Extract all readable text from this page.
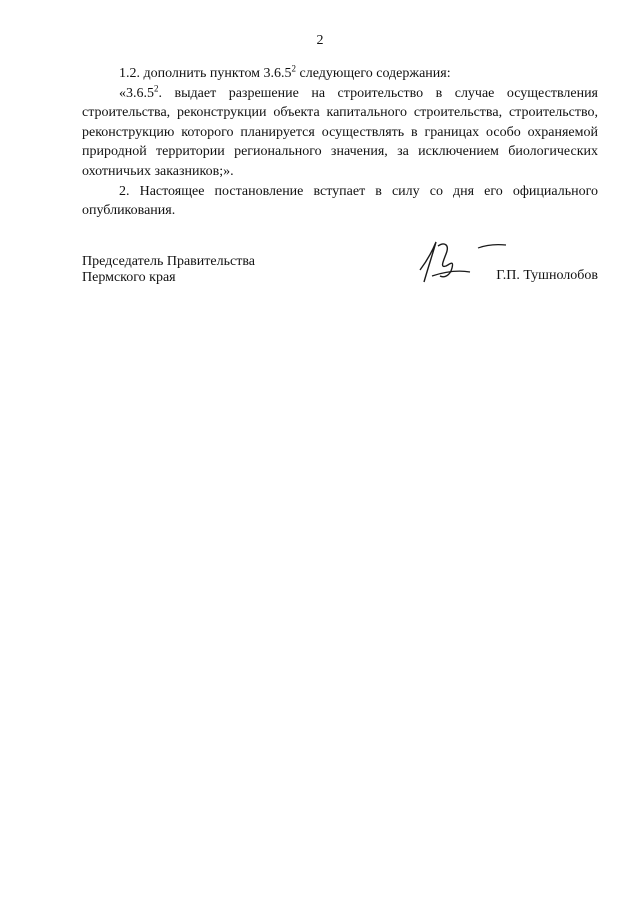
2

1.2. дополнить пунктом 3.6.5$^2$ следующего содержания:

«3.6.5$^2$. выдает разрешение на строительство в случае осуществления строительства, реконструкции объекта капитального строительства, строительство, реконструкцию которого планируется осуществлять в границах особо охраняемой природной территории регионального значения, за исключением биологических охотничьих заказников;».

2. Настоящее постановление вступает в силу со дня его официального опубликования.

Председатель Правительства
Пермского края	Г.П. Тушнолобов
